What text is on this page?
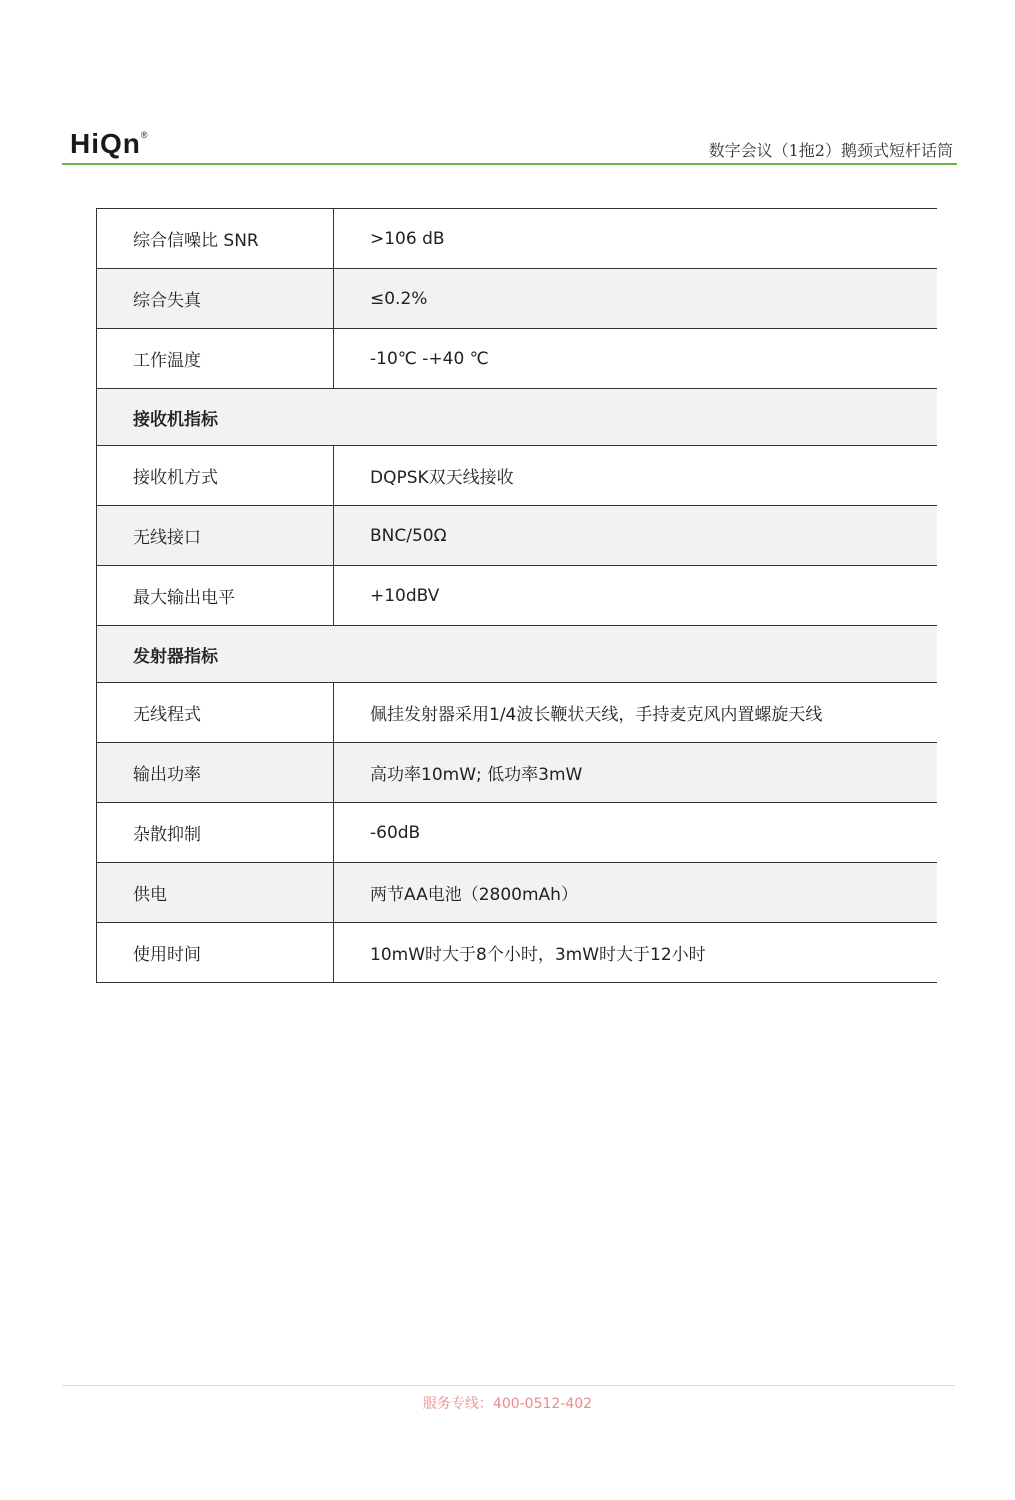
HiQn®
数字会议（1拖2）鹅颈式短杆话筒
综合信噪比 SNR	>106 dB
综合失真	≤0.2%
工作温度	-10℃ -+40 ℃
接收机指标	
接收机方式	DQPSK双天线接收
无线接口	BNC/50Ω
最大输出电平	+10dBV
发射器指标	
无线程式	佩挂发射器采用1/4波长鞭状天线，手持麦克风内置螺旋天线
输出功率	高功率10mW; 低功率3mW
杂散抑制	-60dB
供电	两节AA电池（2800mAh）
使用时间	10mW时大于8个小时，3mW时大于12小时
服务专线：400-0512-402
